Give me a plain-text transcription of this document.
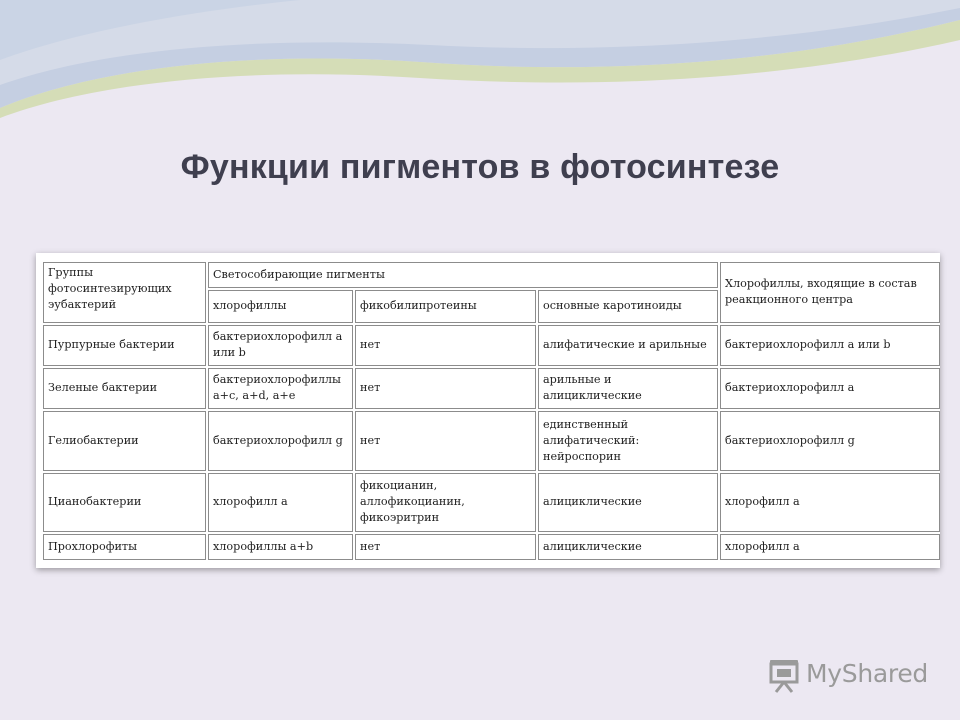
Функции пигментов в фотосинтезе
Группы фотосинтезирующих эубактерий	Светособирающие пигменты			Хлорофиллы, входящие в состав реакционного центра
	хлорофиллы	фикобилипротеины	основные каротиноиды	
Пурпурные бактерии	бактериохлорофилл a или b	нет	алифатические и арильные	бактериохлорофилл a или b
Зеленые бактерии	бактериохлорофиллы a+c, a+d, a+e	нет	арильные и алициклические	бактериохлорофилл a
Гелиобактерии	бактериохлорофилл g	нет	единственный алифатический: нейроспорин	бактериохлорофилл g
Цианобактерии	хлорофилл a	фикоцианин, аллофикоцианин, фикоэритрин	алициклические	хлорофилл a
Прохлорофиты	хлорофиллы a+b	нет	алициклические	хлорофилл a
MyShared
